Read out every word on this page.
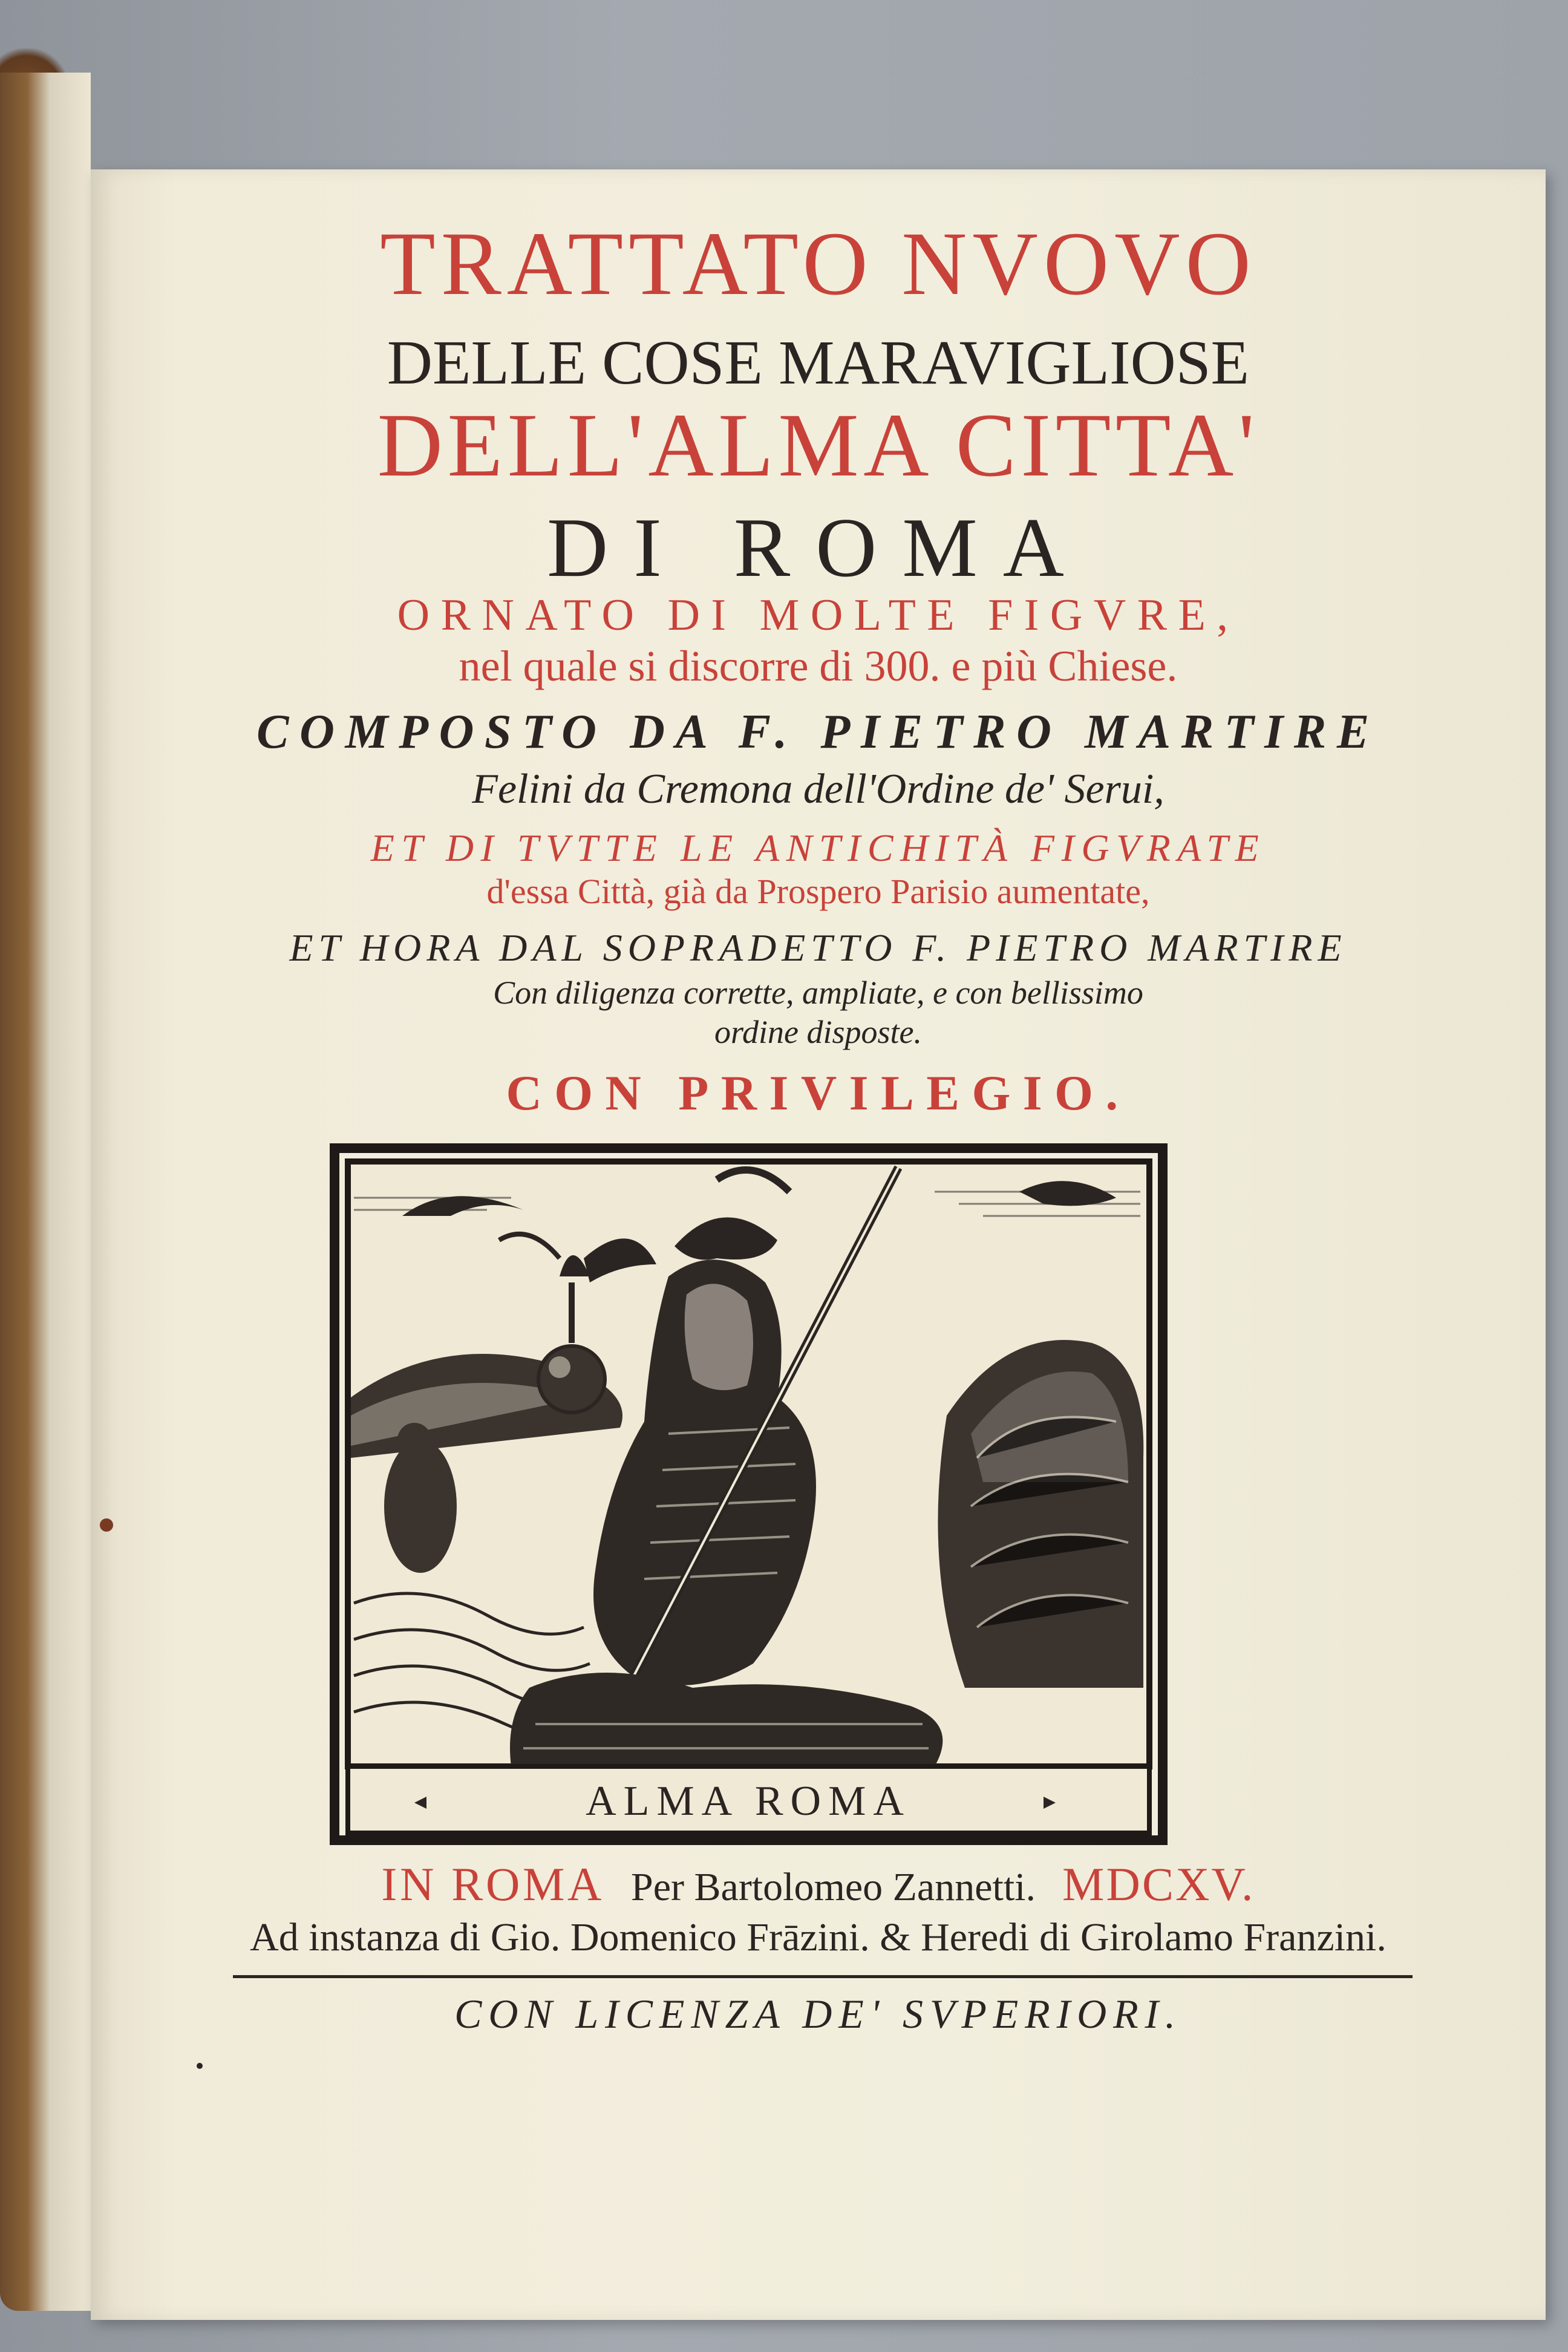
TRATTATO NVOVO
DELLE COSE MARAVIGLIOSE
DELL'ALMA CITTA'
DI ROMA
ORNATO DI MOLTE FIGVRE,
nel quale si discorre di 300. e più Chiese.
COMPOSTO DA F. PIETRO MARTIRE
Felini da Cremona dell'Ordine de' Serui,
ET DI TVTTE LE ANTICHITÀ FIGVRATE
d'essa Città, già da Prospero Parisio aumentate,
ET HORA DAL SOPRADETTO F. PIETRO MARTIRE
Con diligenza corrette, ampliate, e con bellissimo
ordine disposte.
CON PRIVILEGIO.
ALMA ROMA
IN ROMA Per Bartolomeo Zannetti. MDCXV.
Ad instanza di Gio. Domenico Frāzini. & Heredi di Girolamo Franzini.
CON LICENZA DE' SVPERIORI.
